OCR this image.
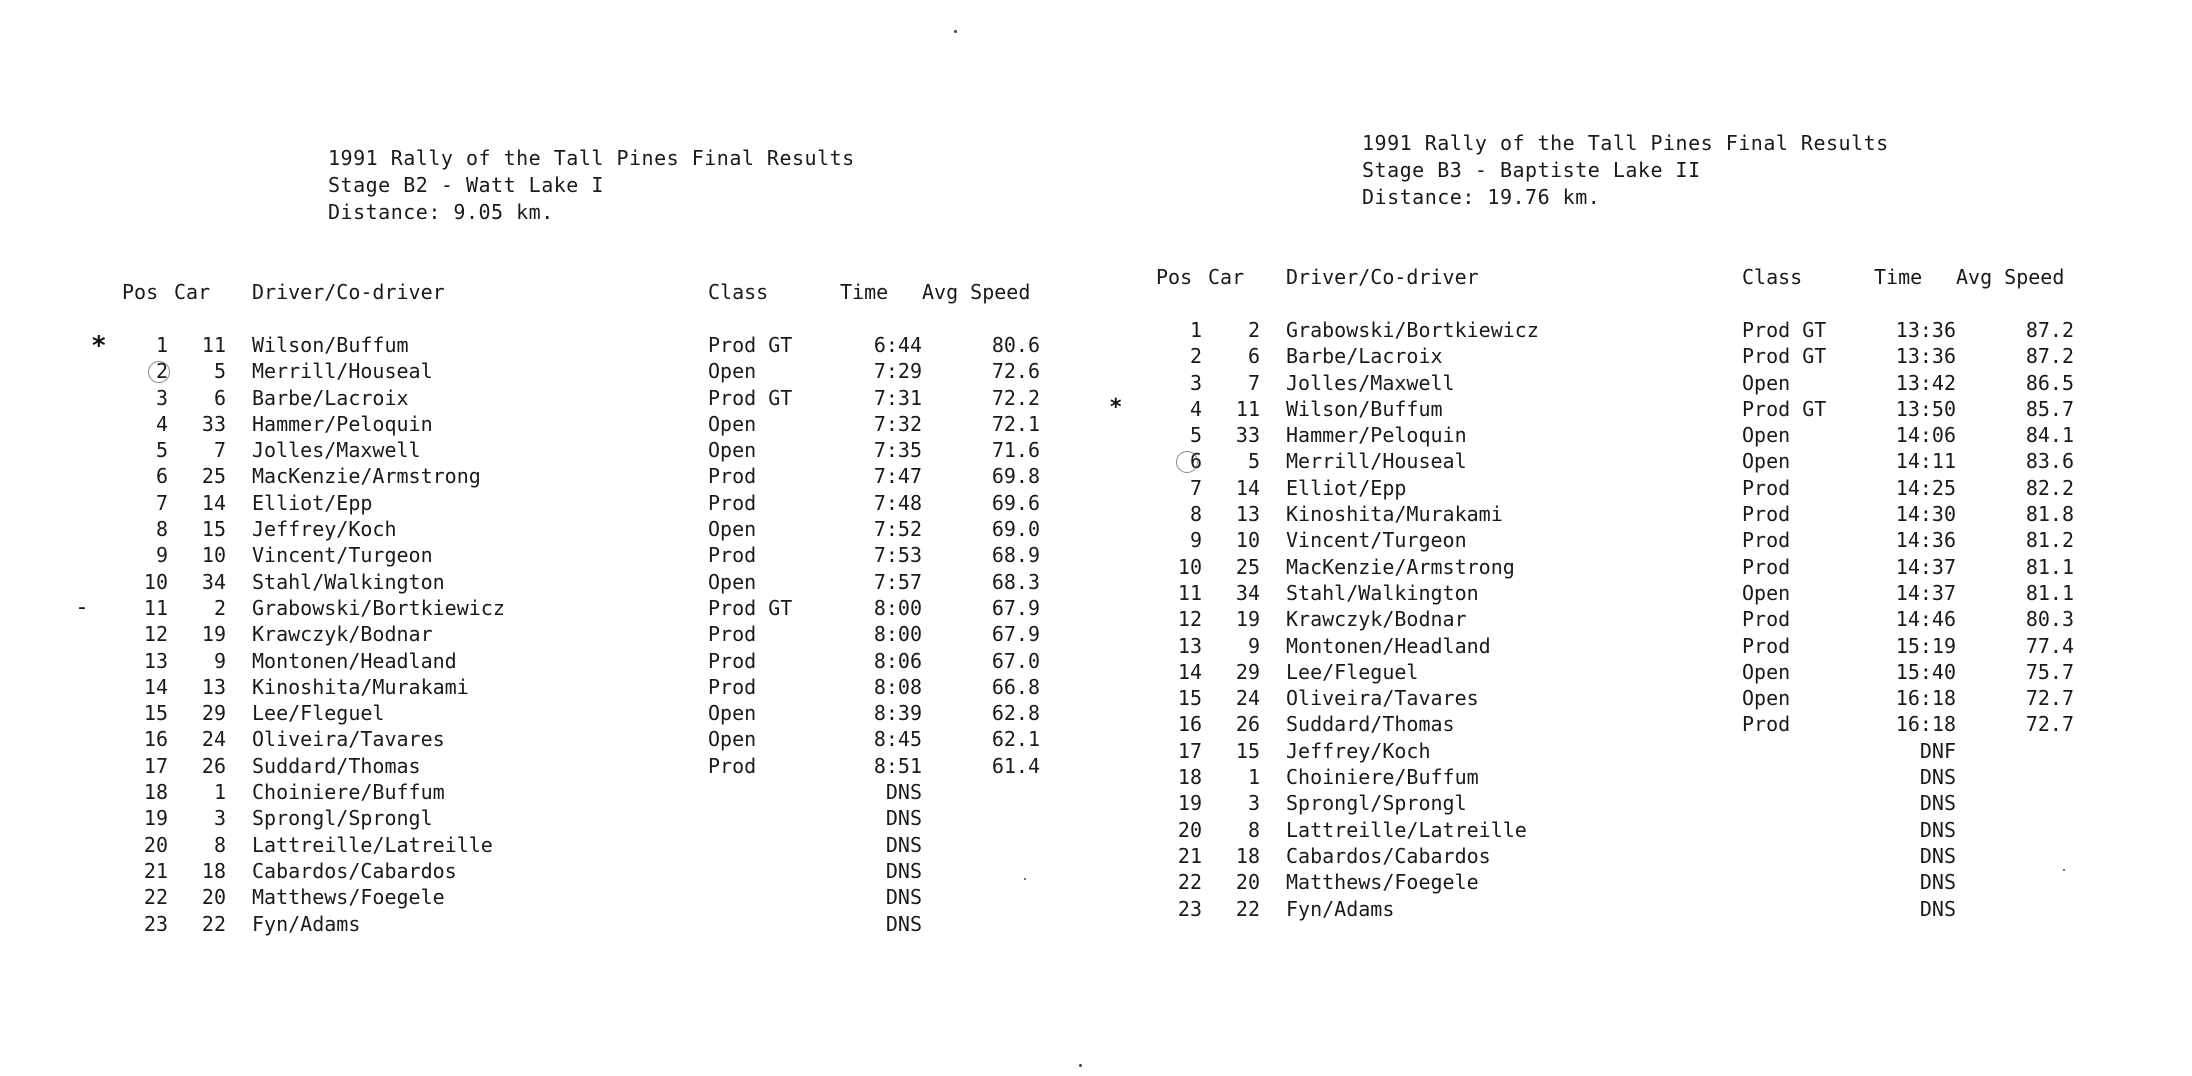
1991 Rally of the Tall Pines Final Results
Stage B2 - Watt Lake I
Distance: 9.05 km.
Pos Car Driver/Co-driver	Class	Time Avg Speed
1	11 Wilson/Buffum	Prod GT	6:44	80.6
*
2	5 Merrill/Houseal	Open	7:29	72.6
3	6 Barbe/Lacroix	Prod GT	7:31	72.2
4	33 Hammer/Peloquin	Open	7:32	72.1
5	7 Jolles/Maxwell	Open	7:35	71.6
6	25 MacKenzie/Armstrong	Prod	7:47	69.8
7	14 Elliot/Epp	Prod	7:48	69.6
8	15 Jeffrey/Koch	Open	7:52	69.0
9	10 Vincent/Turgeon	Prod	7:53	68.9
10	34 Stahl/Walkington	Open	7:57	68.3
11	2 Grabowski/Bortkiewicz	Prod GT	8:00	67.9
-
12	19 Krawczyk/Bodnar	Prod	8:00	67.9
13	9 Montonen/Headland	Prod	8:06	67.0
14	13 Kinoshita/Murakami	Prod	8:08	66.8
15	29 Lee/Fleguel	Open	8:39	62.8
16	24 Oliveira/Tavares	Open	8:45	62.1
17	26 Suddard/Thomas	Prod	8:51	61.4
18	1 Choiniere/Buffum	DNS
19	3 Sprongl/Sprongl	DNS
20	8 Lattreille/Latreille	DNS
21	18 Cabardos/Cabardos	DNS
22	20 Matthews/Foegele	DNS
23	22 Fyn/Adams	DNS
1991 Rally of the Tall Pines Final Results
Stage B3 - Baptiste Lake II
Distance: 19.76 km.
Pos Car Driver/Co-driver	Class	Time Avg Speed
1	2 Grabowski/Bortkiewicz	Prod GT	13:36	87.2
2	6 Barbe/Lacroix	Prod GT	13:36	87.2
3	7 Jolles/Maxwell	Open	13:42	86.5
4	11 Wilson/Buffum	Prod GT	13:50	85.7
*
5	33 Hammer/Peloquin	Open	14:06	84.1
6	5 Merrill/Houseal	Open	14:11	83.6
7	14 Elliot/Epp	Prod	14:25	82.2
8	13 Kinoshita/Murakami	Prod	14:30	81.8
9	10 Vincent/Turgeon	Prod	14:36	81.2
10	25 MacKenzie/Armstrong	Prod	14:37	81.1
11	34 Stahl/Walkington	Open	14:37	81.1
12	19 Krawczyk/Bodnar	Prod	14:46	80.3
13	9 Montonen/Headland	Prod	15:19	77.4
14	29 Lee/Fleguel	Open	15:40	75.7
15	24 Oliveira/Tavares	Open	16:18	72.7
16	26 Suddard/Thomas	Prod	16:18	72.7
17	15 Jeffrey/Koch	DNF
18	1 Choiniere/Buffum	DNS
19	3 Sprongl/Sprongl	DNS
20	8 Lattreille/Latreille	DNS
21	18 Cabardos/Cabardos	DNS
22	20 Matthews/Foegele	DNS
23	22 Fyn/Adams	DNS
